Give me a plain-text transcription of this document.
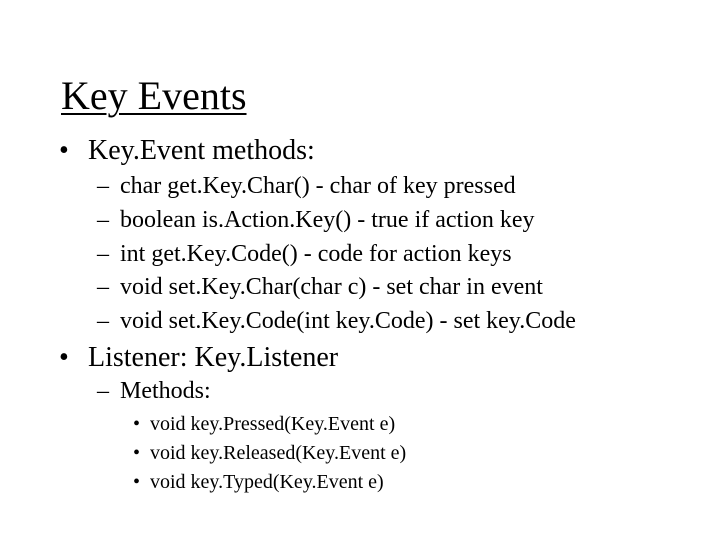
Key Events
• Key.Event methods:
– char get.Key.Char() - char of key pressed
– boolean is.Action.Key() - true if action key
– int get.Key.Code() - code for action keys
– void set.Key.Char(char c) - set char in event
– void set.Key.Code(int key.Code) - set key.Code
• Listener: Key.Listener
– Methods:
• void key.Pressed(Key.Event e)
• void key.Released(Key.Event e)
• void key.Typed(Key.Event e)
